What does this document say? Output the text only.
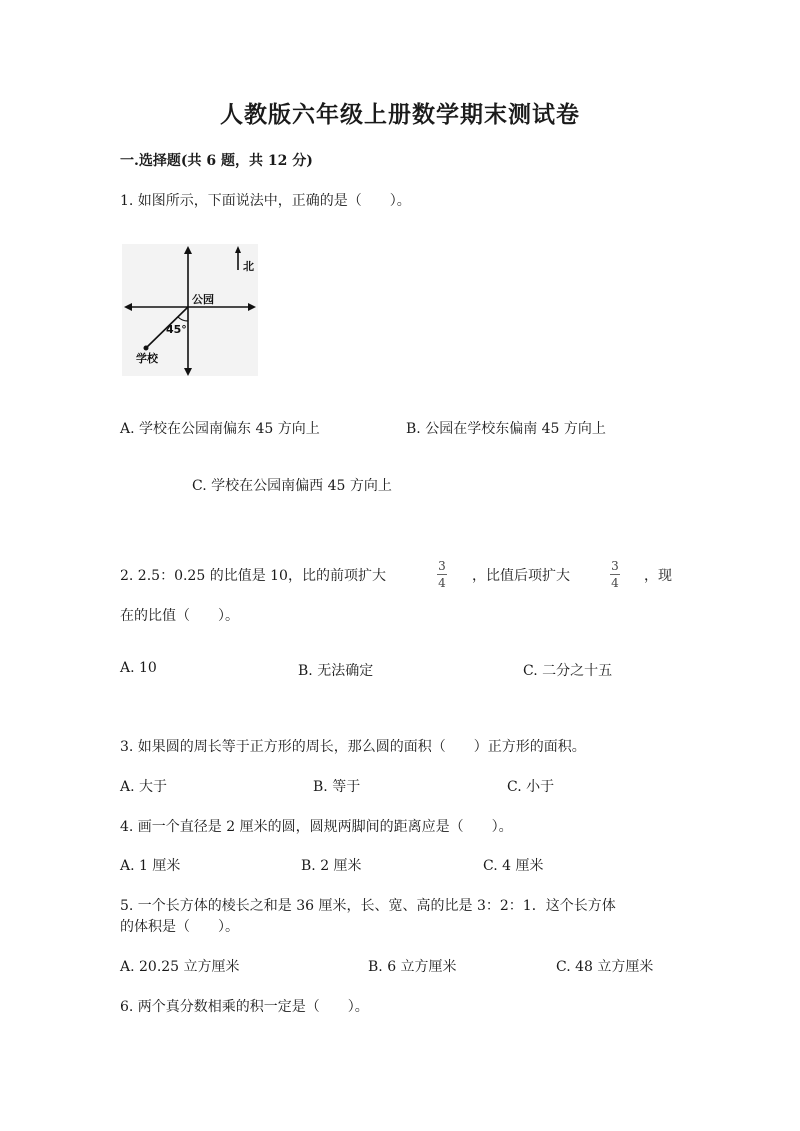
人教版六年级上册数学期末测试卷
一.选择题(共 6 题，共 12 分)
1. 如图所示，下面说法中，正确的是（　　）。
北
公园
45°
学校
A. 学校在公园南偏东 45 方向上	B. 公园在学校东偏南 45 方向上
C. 学校在公园南偏西 45 方向上
2. 2.5：0.25 的比值是 10，比的前项扩大
3
4 ，比值后项扩大
3
4 ，现
在的比值（　　）。
A. 10	B. 无法确定	C. 二分之十五
3. 如果圆的周长等于正方形的周长，那么圆的面积（　　）正方形的面积。
A. 大于	B. 等于	C. 小于
4. 画一个直径是 2 厘米的圆，圆规两脚间的距离应是（　　）。
A. 1 厘米	B. 2 厘米	C. 4 厘米
5. 一个长方体的棱长之和是 36 厘米，长、宽、高的比是 3：2：1．这个长方体
的体积是（　　）。
A. 20.25 立方厘米	B. 6 立方厘米	C. 48 立方厘米
6. 两个真分数相乘的积一定是（　　）。
